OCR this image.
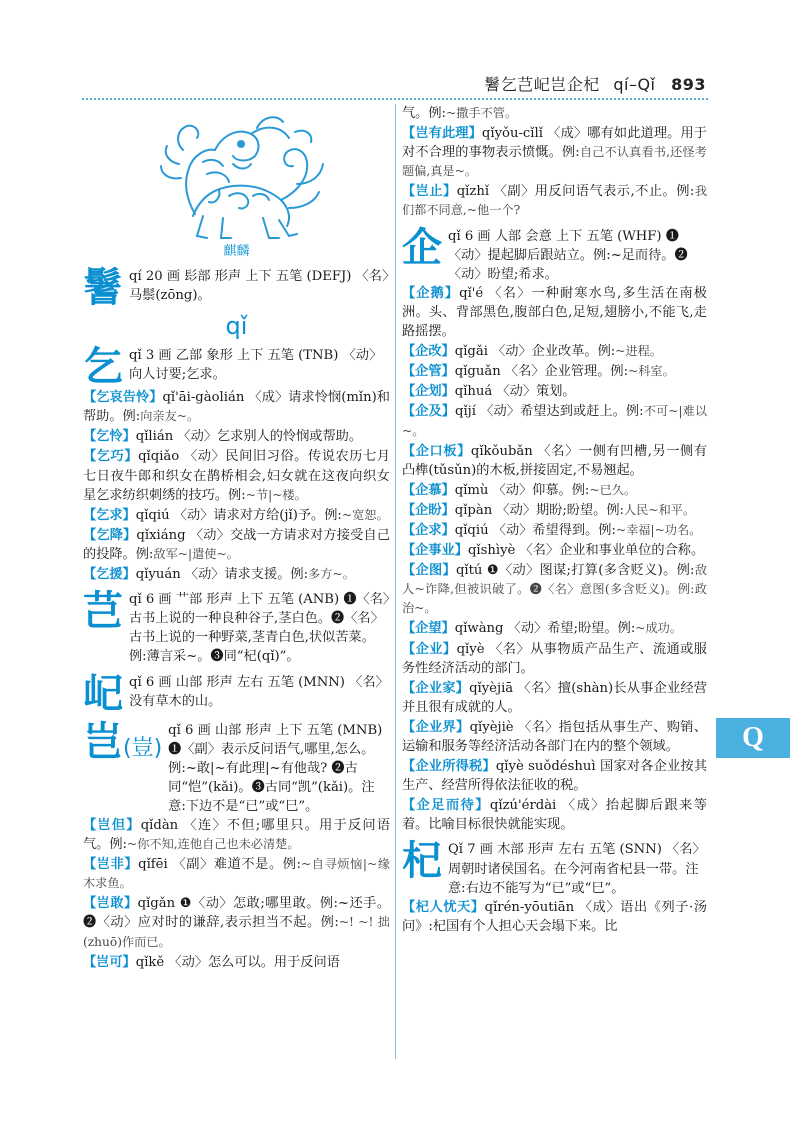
鬐乞芑屺岂企杞 qí–Qǐ 893
麒麟
鬐 qí 20 画 髟部 形声 上下 五笔 (DEFJ) 〈名〉马鬃(zōng)。
qǐ
乞 qǐ 3 画 乙部 象形 上下 五笔 (TNB) 〈动〉向人讨要;乞求。
【乞哀告怜】qǐ'āi-gàolián 〈成〉请求怜悯(mǐn)和帮助。例:向亲友~。
【乞怜】qǐlián 〈动〉乞求别人的怜悯或帮助。
【乞巧】qǐqiǎo 〈动〉民间旧习俗。传说农历七月七日夜牛郎和织女在鹊桥相会,妇女就在这夜向织女星乞求纺织刺绣的技巧。例:~节|~楼。
【乞求】qǐqiú 〈动〉请求对方给(jǐ)予。例:~宽恕。
【乞降】qǐxiáng 〈动〉交战一方请求对方接受自己的投降。例:敌军~|遣使~。
【乞援】qǐyuán 〈动〉请求支援。例:多方~。
芑 qǐ 6 画 艹部 形声 上下 五笔 (ANB) ❶〈名〉古书上说的一种良种谷子,茎白色。❷〈名〉古书上说的一种野菜,茎青白色,状似苦菜。例:薄言采~。❸同“杞(qǐ)”。
屺 qǐ 6 画 山部 形声 左右 五笔 (MNN) 〈名〉没有草木的山。
岂(豈)
qǐ 6 画 山部 形声 上下 五笔 (MNB) ❶〈副〉表示反问语气,哪里,怎么。例:~敢|~有此理|~有他哉? ❷古同“恺”(kǎi)。❸古同“凯”(kǎi)。注意:下边不是“已”或“巳”。
【岂但】qǐdàn 〈连〉不但;哪里只。用于反问语气。例:~你不知,连他自己也未必清楚。
【岂非】qǐfēi 〈副〉难道不是。例:~自寻烦恼|~缘木求鱼。
【岂敢】qǐgǎn ❶〈动〉怎敢;哪里敢。例:~还手。❷〈动〉应对时的谦辞,表示担当不起。例:~! ~! 拙(zhuō)作而已。
【岂可】qǐkě 〈动〉怎么可以。用于反问语
气。例:~撒手不管。
【岂有此理】qǐyǒu-cǐlǐ 〈成〉哪有如此道理。用于对不合理的事物表示愤慨。例:自己不认真看书,还怪考题偏,真是~。
【岂止】qǐzhǐ 〈副〉用反问语气表示,不止。例:我们都不同意,~他一个?
企 qǐ 6 画 人部 会意 上下 五笔 (WHF) ❶〈动〉提起脚后跟站立。例:~足而待。❷〈动〉盼望;希求。
【企鹅】qǐ'é 〈名〉一种耐寒水鸟,多生活在南极洲。头、背部黑色,腹部白色,足短,翅膀小,不能飞,走路摇摆。
【企改】qǐgǎi 〈动〉企业改革。例:~进程。
【企管】qǐguǎn 〈名〉企业管理。例:~科室。
【企划】qǐhuá 〈动〉策划。
【企及】qǐjí 〈动〉希望达到或赶上。例:不可~|难以~。
【企口板】qǐkǒubǎn 〈名〉一侧有凹槽,另一侧有凸榫(tǔsǔn)的木板,拼接固定,不易翘起。
【企慕】qǐmù 〈动〉仰慕。例:~已久。
【企盼】qǐpàn 〈动〉期盼;盼望。例:人民~和平。
【企求】qǐqiú 〈动〉希望得到。例:~幸福|~功名。
【企事业】qǐshìyè 〈名〉企业和事业单位的合称。
【企图】qǐtú ❶〈动〉图谋;打算(多含贬义)。例:敌人~诈降,但被识破了。❷〈名〉意图(多含贬义)。例:政治~。
【企望】qǐwàng 〈动〉希望;盼望。例:~成功。
【企业】qǐyè 〈名〉从事物质产品生产、流通或服务性经济活动的部门。
【企业家】qǐyèjiā 〈名〉擅(shàn)长从事企业经营并且很有成就的人。
【企业界】qǐyèjiè 〈名〉指包括从事生产、购销、运输和服务等经济活动各部门在内的整个领域。
【企业所得税】qǐyè suǒdéshuì 国家对各企业按其生产、经营所得依法征收的税。
【企足而待】qǐzú'érdài 〈成〉抬起脚后跟来等着。比喻目标很快就能实现。
杞 Qǐ 7 画 木部 形声 左右 五笔 (SNN) 〈名〉周朝时诸侯国名。在今河南省杞县一带。注意:右边不能写为“已”或“巳”。
【杞人忧天】qǐrén-yōutiān 〈成〉语出《列子·汤问》:杞国有个人担心天会塌下来。比
Q
